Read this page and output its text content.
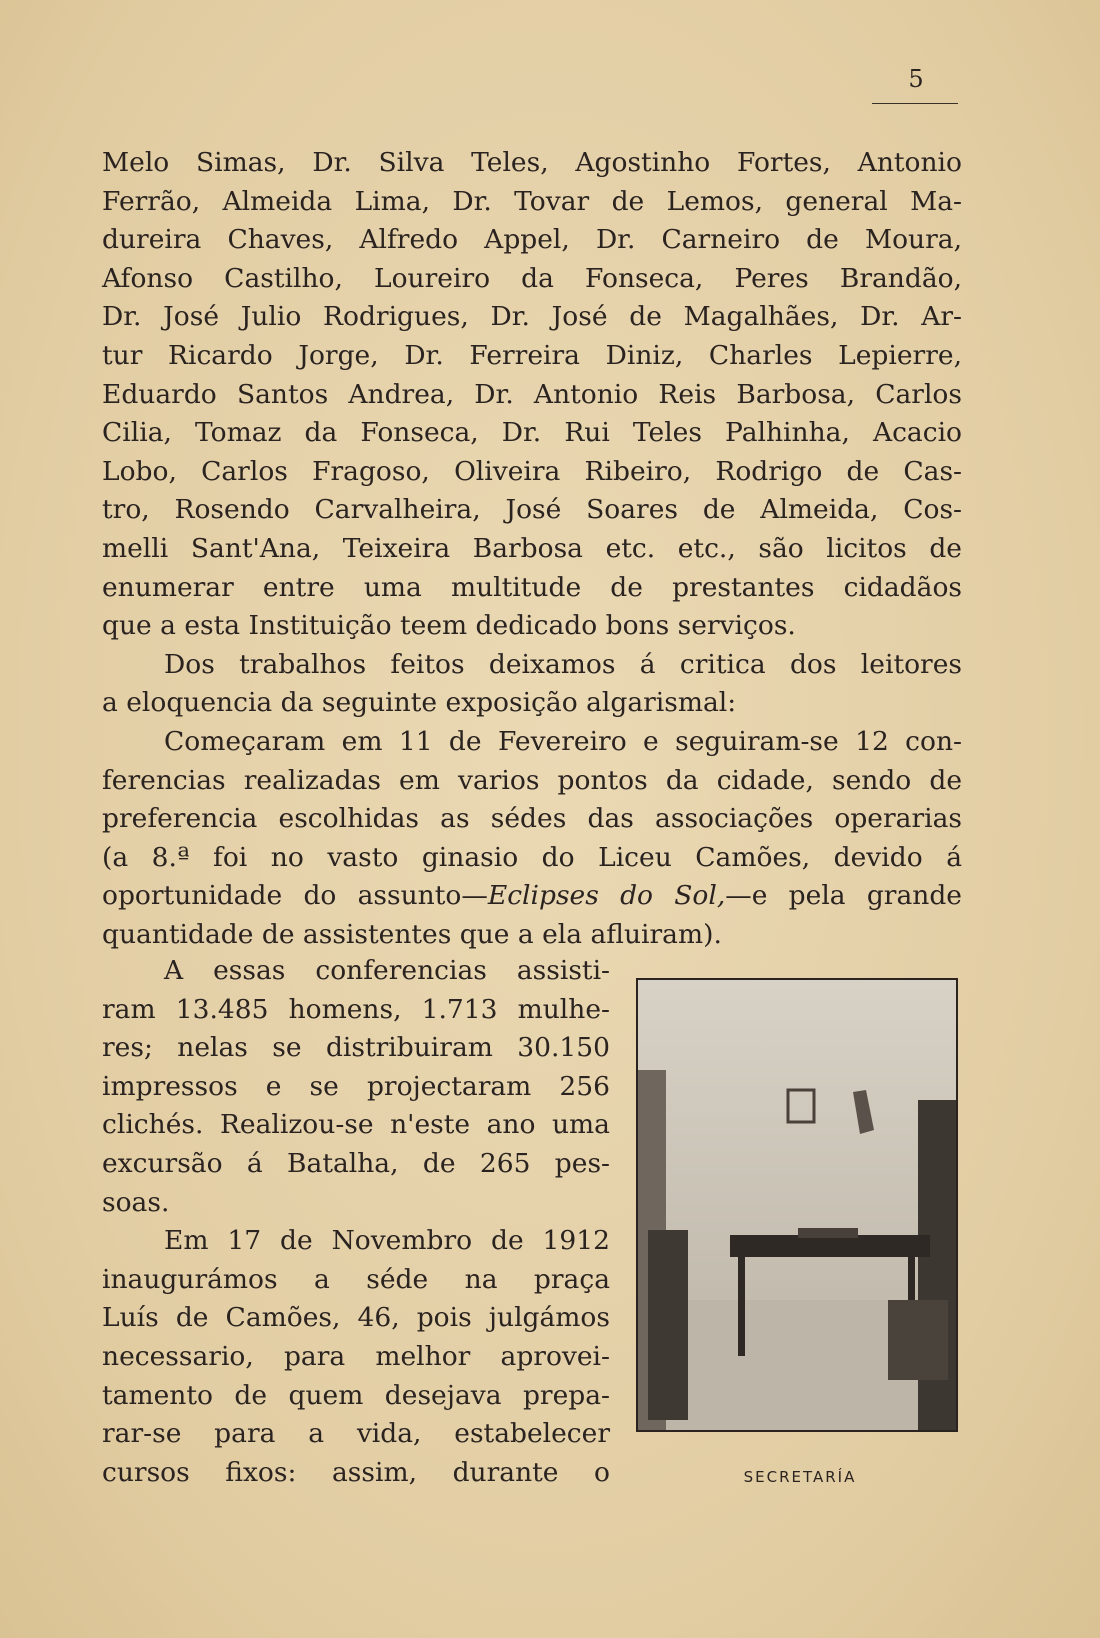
5
Melo Simas, Dr. Silva Teles, Agostinho Fortes, Antonio
Ferrão, Almeida Lima, Dr. Tovar de Lemos, general Ma-
dureira Chaves, Alfredo Appel, Dr. Carneiro de Moura,
Afonso Castilho, Loureiro da Fonseca, Peres Brandão,
Dr. José Julio Rodrigues, Dr. José de Magalhães, Dr. Ar-
tur Ricardo Jorge, Dr. Ferreira Diniz, Charles Lepierre,
Eduardo Santos Andrea, Dr. Antonio Reis Barbosa, Carlos
Cilia, Tomaz da Fonseca, Dr. Rui Teles Palhinha, Acacio
Lobo, Carlos Fragoso, Oliveira Ribeiro, Rodrigo de Cas-
tro, Rosendo Carvalheira, José Soares de Almeida, Cos-
melli Sant'Ana, Teixeira Barbosa etc. etc., são licitos de
enumerar entre uma multitude de prestantes cidadãos
que a esta Instituição teem dedicado bons serviços.
Dos trabalhos feitos deixamos á critica dos leitores
a eloquencia da seguinte exposição algarismal:
Começaram em 11 de Fevereiro e seguiram-se 12 con-
ferencias realizadas em varios pontos da cidade, sendo de
preferencia escolhidas as sédes das associações operarias
(a 8.ª foi no vasto ginasio do Liceu Camões, devido á
oportunidade do assunto—Eclipses do Sol,—e pela grande
quantidade de assistentes que a ela afluiram).
A essas conferencias assisti-
ram 13.485 homens, 1.713 mulhe-
res; nelas se distribuiram 30.150
impressos e se projectaram 256
clichés. Realizou-se n'este ano uma
excursão á Batalha, de 265 pes-
soas.
Em 17 de Novembro de 1912
inaugurámos a séde na praça
Luís de Camões, 46, pois julgámos
necessario, para melhor aprovei-
tamento de quem desejava prepa-
rar-se para a vida, estabelecer
cursos fixos: assim, durante o	SECRETARÍA
